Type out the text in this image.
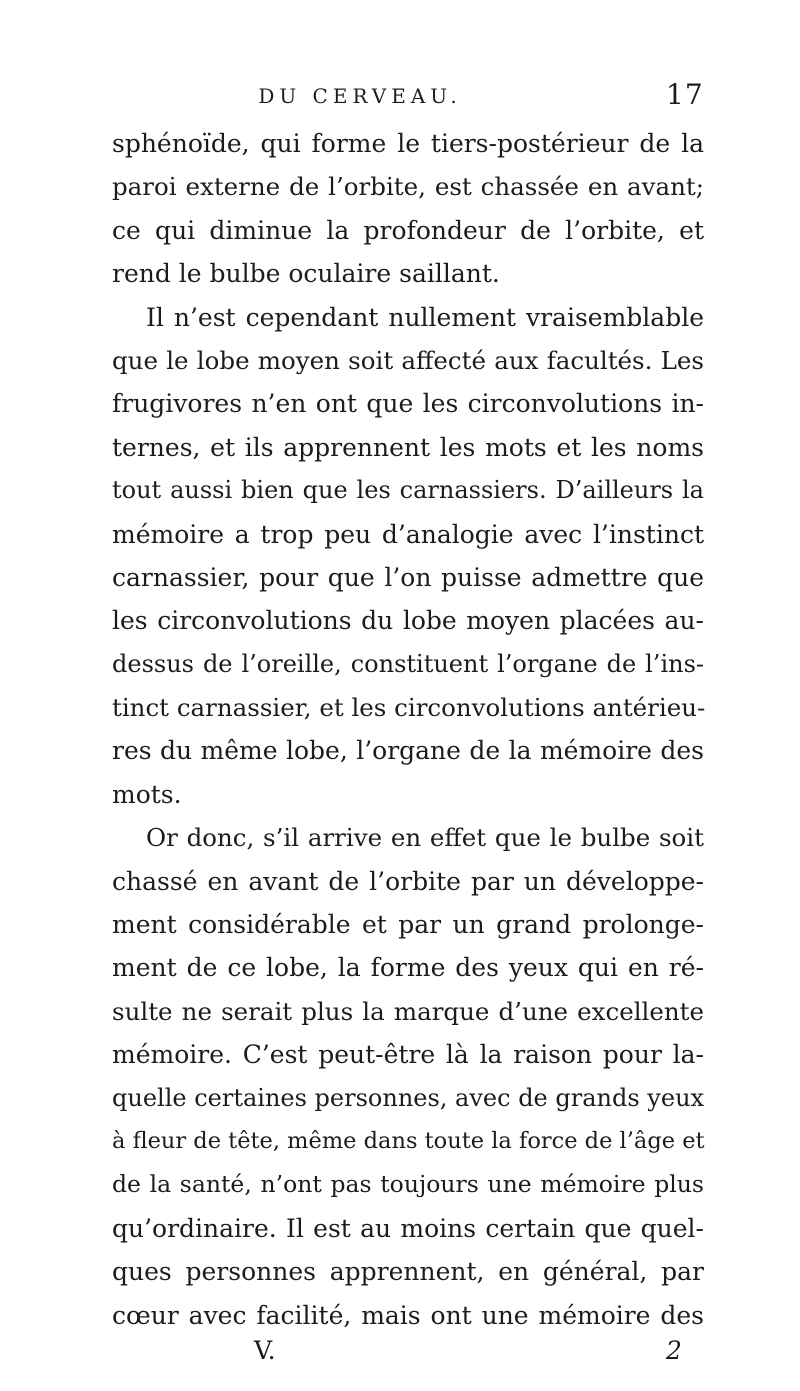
DU CERVEAU.	17
sphénoïde, qui forme le tiers-postérieur de la
paroi externe de l’orbite, est chassée en avant;
ce qui diminue la profondeur de l’orbite, et
rend le bulbe oculaire saillant.
Il n’est cependant nullement vraisemblable
que le lobe moyen soit affecté aux facultés. Les
frugivores n’en ont que les circonvolutions in-
ternes, et ils apprennent les mots et les noms
tout aussi bien que les carnassiers. D’ailleurs la
mémoire a trop peu d’analogie avec l’instinct
carnassier, pour que l’on puisse admettre que
les circonvolutions du lobe moyen placées au-
dessus de l’oreille, constituent l’organe de l’ins-
tinct carnassier, et les circonvolutions antérieu-
res du même lobe, l’organe de la mémoire des
mots.
Or donc, s’il arrive en effet que le bulbe soit
chassé en avant de l’orbite par un développe-
ment considérable et par un grand prolonge-
ment de ce lobe, la forme des yeux qui en ré-
sulte ne serait plus la marque d’une excellente
mémoire. C’est peut-être là la raison pour la-
quelle certaines personnes, avec de grands yeux
à fleur de tête, même dans toute la force de l’âge et
de la santé, n’ont pas toujours une mémoire plus
qu’ordinaire. Il est au moins certain que quel-
ques personnes apprennent, en général, par
cœur avec facilité, mais ont une mémoire des
V.	2
